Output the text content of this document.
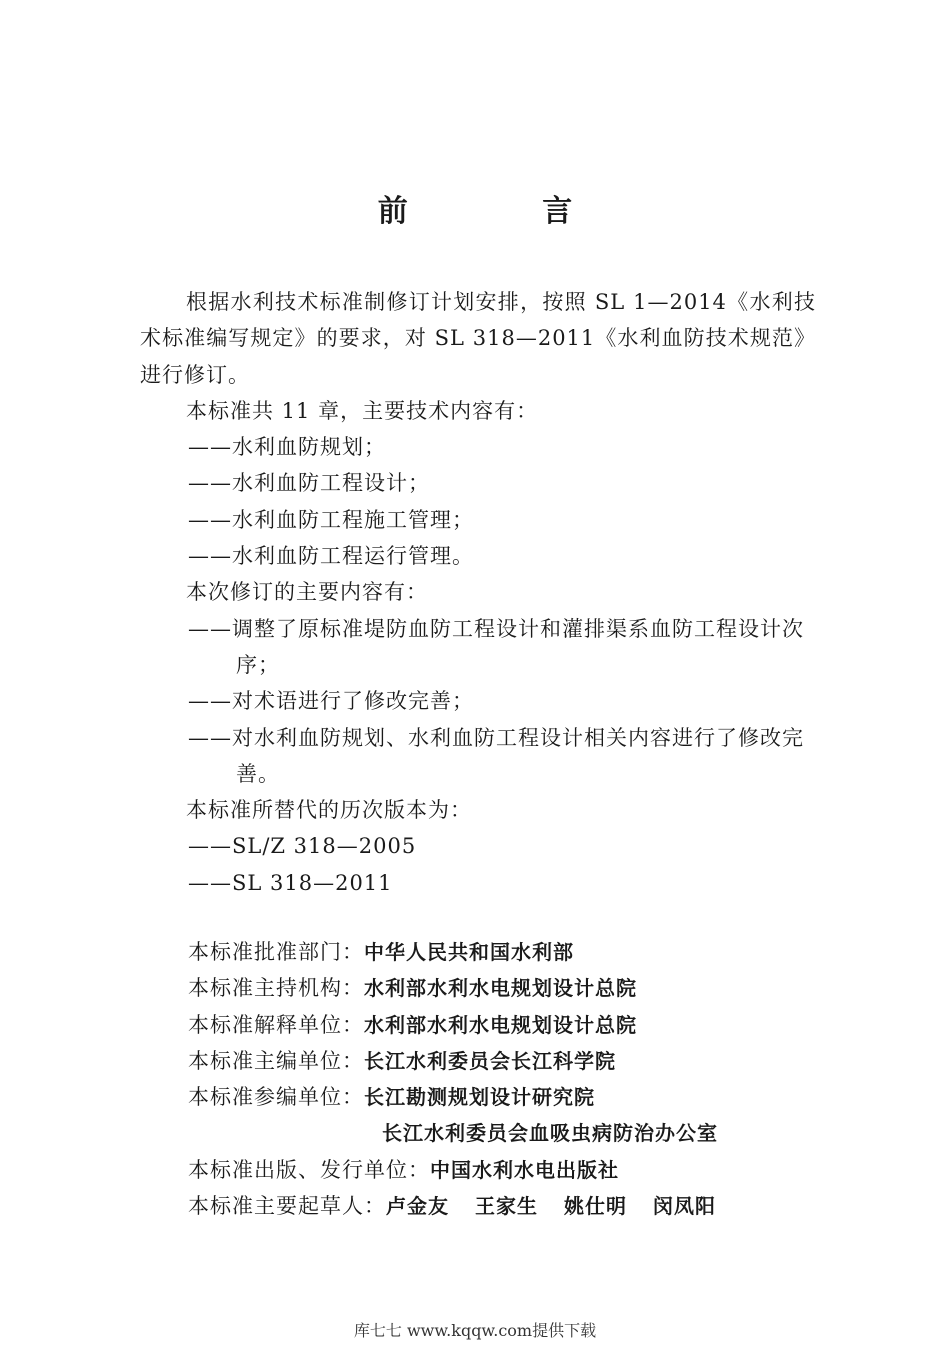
前 言

根据水利技术标准制修订计划安排，按照 SL 1—2014《水利技术标准编写规定》的要求，对 SL 318—2011《水利血防技术规范》进行修订。

本标准共 11 章，主要技术内容有：

——水利血防规划；

——水利血防工程设计；

——水利血防工程施工管理；

——水利血防工程运行管理。

本次修订的主要内容有：

——调整了原标准堤防血防工程设计和灌排渠系血防工程设计次序；

——对术语进行了修改完善；

——对水利血防规划、水利血防工程设计相关内容进行了修改完善。

本标准所替代的历次版本为：

——SL/Z 318—2005

——SL 318—2011

本标准批准部门： 中华人民共和国水利部
本标准主持机构： 水利部水利水电规划设计总院
本标准解释单位： 水利部水利水电规划设计总院
本标准主编单位： 长江水利委员会长江科学院
本标准参编单位： 长江勘测规划设计研究院
长江水利委员会血吸虫病防治办公室
本标准出版、发行单位： 中国水利水电出版社
本标准主要起草人： 卢金友 王家生 姚仕明 闵凤阳
库七七 www.kqqw.com提供下载
